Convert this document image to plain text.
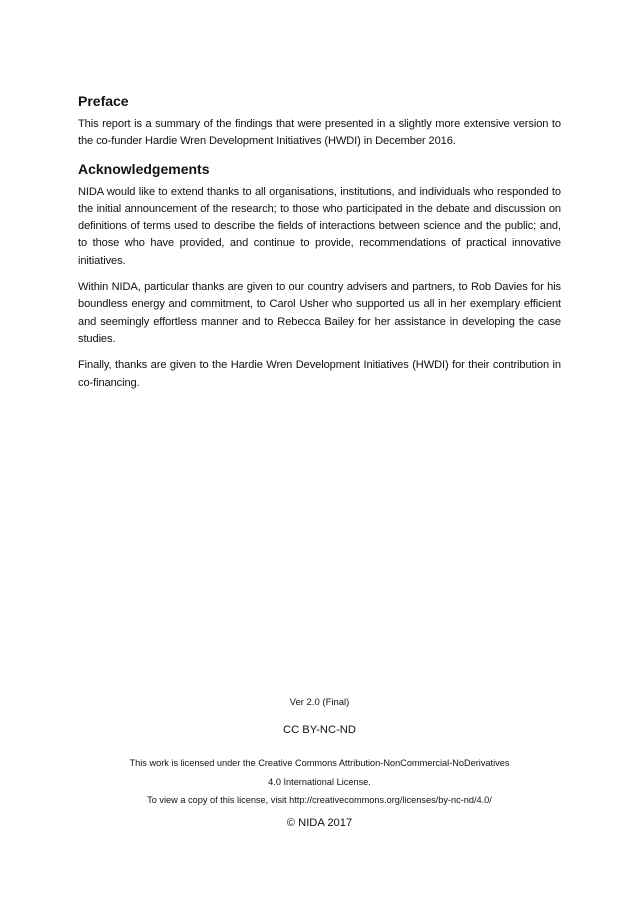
Preface

This report is a summary of the findings that were presented in a slightly more extensive version to the co-funder Hardie Wren Development Initiatives (HWDI) in December 2016.

Acknowledgements

NIDA would like to extend thanks to all organisations, institutions, and individuals who responded to the initial announcement of the research; to those who participated in the debate and discussion on definitions of terms used to describe the fields of interactions between science and the public; and, to those who have provided, and continue to provide, recommendations of practical innovative initiatives.

Within NIDA, particular thanks are given to our country advisers and partners, to Rob Davies for his boundless energy and commitment, to Carol Usher who supported us all in her exemplary efficient and seemingly effortless manner and to Rebecca Bailey for her assistance in developing the case studies.

Finally, thanks are given to the Hardie Wren Development Initiatives (HWDI) for their contribution in co-financing.

Ver 2.0 (Final)
CC BY-NC-ND
This work is licensed under the Creative Commons Attribution-NonCommercial-NoDerivatives
4.0 International License.
To view a copy of this license, visit http://creativecommons.org/licenses/by-nc-nd/4.0/
© NIDA 2017
